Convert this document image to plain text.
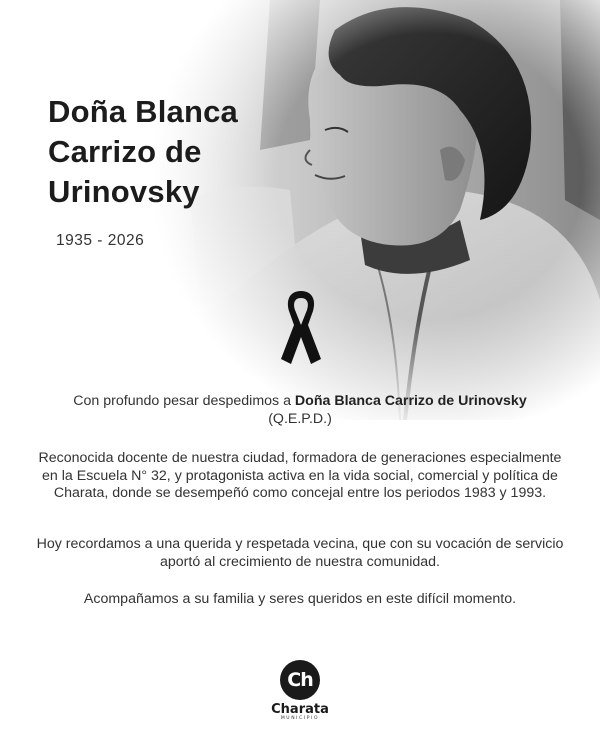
Doña Blanca
Carrizo de
Urinovsky
1935 - 2026
Con profundo pesar despedimos a Doña Blanca Carrizo de Urinovsky
(Q.E.P.D.)
Reconocida docente de nuestra ciudad, formadora de generaciones especialmente en la Escuela N° 32, y protagonista activa en la vida social, comercial y política de Charata, donde se desempeñó como concejal entre los periodos 1983 y 1993.
Hoy recordamos a una querida y respetada vecina, que con su vocación de servicio aportó al crecimiento de nuestra comunidad.
Acompañamos a su familia y seres queridos en este difícil momento.
Ch
Charata
MUNICIPIO
